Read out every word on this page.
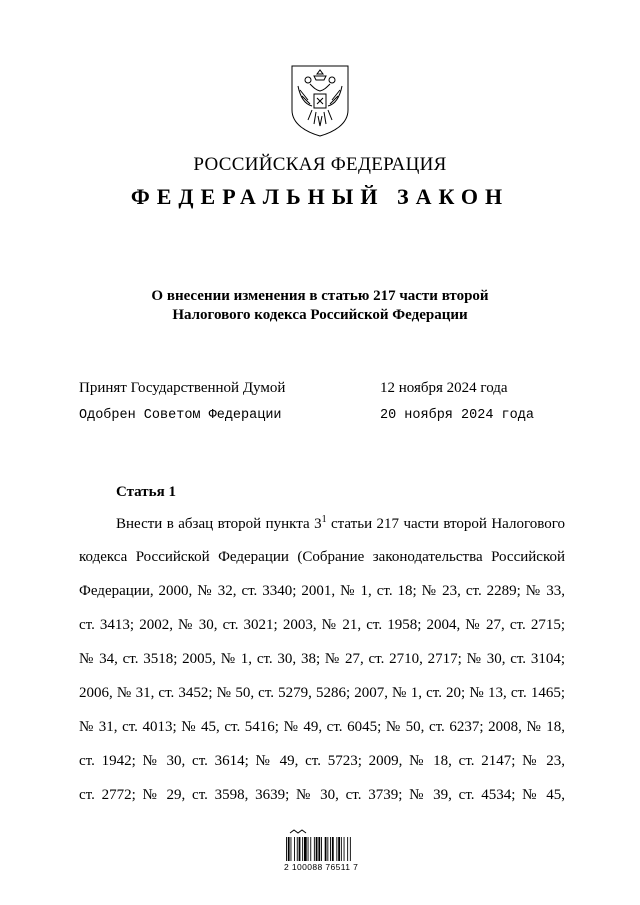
РОССИЙСКАЯ ФЕДЕРАЦИЯ
ФЕДЕРАЛЬНЫЙ ЗАКОН
О внесении изменения в статью 217 части второй
Налогового кодекса Российской Федерации
Принят Государственной Думой	12 ноября 2024 года
Одобрен Советом Федерации	20 ноября 2024 года
Статья 1
Внести в абзац второй пункта $3^1$ статьи 217 части второй Налогового
кодекса Российской Федерации (Собрание законодательства Российской
Федерации, 2000, № 32, ст. 3340; 2001, № 1, ст. 18; № 23, ст. 2289; № 33,
ст. 3413; 2002, № 30, ст. 3021; 2003, № 21, ст. 1958; 2004, № 27, ст. 2715;
№ 34, ст. 3518; 2005, № 1, ст. 30, 38; № 27, ст. 2710, 2717; № 30, ст. 3104;
2006, № 31, ст. 3452; № 50, ст. 5279, 5286; 2007, № 1, ст. 20; № 13, ст. 1465;
№ 31, ст. 4013; № 45, ст. 5416; № 49, ст. 6045; № 50, ст. 6237; 2008, № 18,
ст. 1942; № 30, ст. 3614; № 49, ст. 5723; 2009, № 18, ст. 2147; № 23,
ст. 2772; № 29, ст. 3598, 3639; № 30, ст. 3739; № 39, ст. 4534; № 45,
2 100088 76511 7
